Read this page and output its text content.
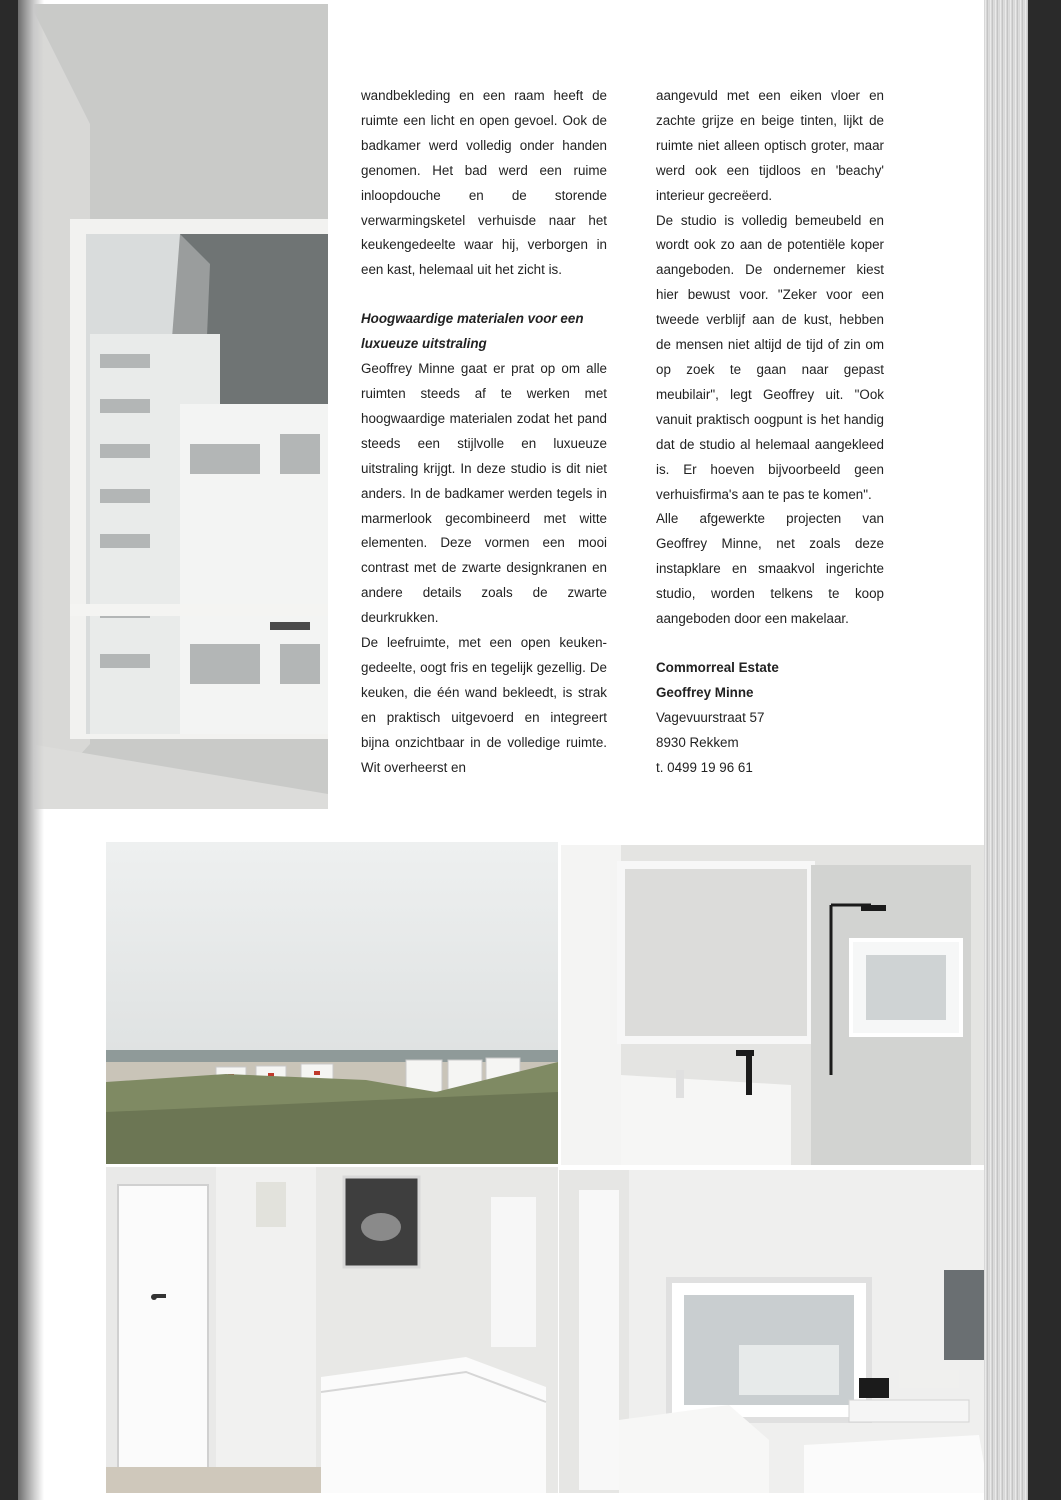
wandbekleding en een raam heeft de ruimte een licht en open gevoel. Ook de badkamer werd volledig onder handen genomen. Het bad werd een ruime inloopdouche en de storende verwarmingsketel verhuisde naar het keukengedeelte waar hij, verborgen in een kast, helemaal uit het zicht is.

Hoogwaardige materialen voor een luxueuze uitstraling

Geoffrey Minne gaat er prat op om alle ruimten steeds af te werken met hoogwaardige materialen zodat het pand steeds een stijlvolle en luxueuze uitstraling krijgt. In deze studio is dit niet anders. In de badkamer werden tegels in marmerlook gecombineerd met witte elementen. Deze vormen een mooi contrast met de zwarte designkranen en andere details zoals de zwarte deurkrukken.

De leefruimte, met een open keuken-gedeelte, oogt fris en tegelijk gezellig. De keuken, die één wand bekleedt, is strak en praktisch uitgevoerd en integreert bijna onzichtbaar in de volledige ruimte. Wit overheerst en

aangevuld met een eiken vloer en zachte grijze en beige tinten, lijkt de ruimte niet alleen optisch groter, maar werd ook een tijdloos en 'beachy' interieur gecreëerd.

De studio is volledig bemeubeld en wordt ook zo aan de potentiële koper aangeboden. De ondernemer kiest hier bewust voor. "Zeker voor een tweede verblijf aan de kust, hebben de mensen niet altijd de tijd of zin om op zoek te gaan naar gepast meubilair", legt Geoffrey uit. "Ook vanuit praktisch oogpunt is het handig dat de studio al helemaal aangekleed is. Er hoeven bijvoorbeeld geen verhuisfirma's aan te pas te komen".

Alle afgewerkte projecten van Geoffrey Minne, net zoals deze instapklare en smaakvol ingerichte studio, worden telkens te koop aangeboden door een makelaar.

Commorreal Estate
Geoffrey Minne
Vagevuurstraat 57
8930 Rekkem
t. 0499 19 96 61
